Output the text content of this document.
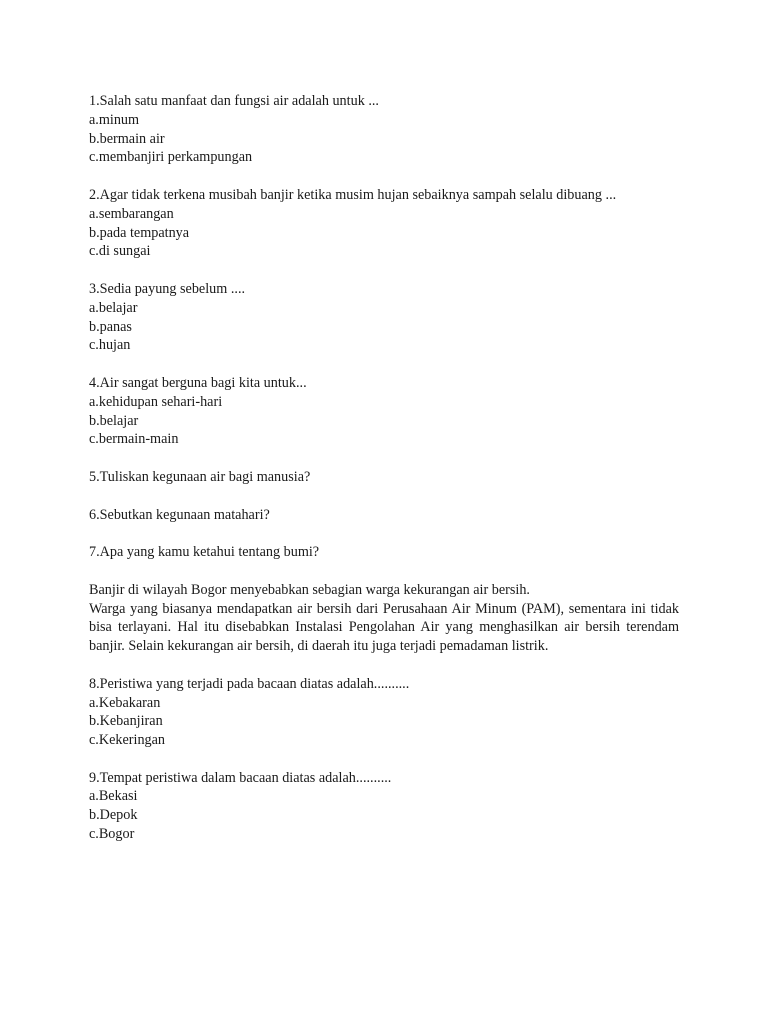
1.Salah satu manfaat dan fungsi air adalah untuk ...
a.minum
b.bermain air
c.membanjiri perkampungan
2.Agar tidak terkena musibah banjir ketika musim hujan sebaiknya sampah selalu dibuang ...
a.sembarangan
b.pada tempatnya
c.di sungai
3.Sedia payung sebelum ....
a.belajar
b.panas
c.hujan
4.Air sangat berguna bagi kita untuk...
a.kehidupan sehari-hari
b.belajar
c.bermain-main
5.Tuliskan kegunaan air bagi manusia?
6.Sebutkan kegunaan matahari?
7.Apa yang kamu ketahui tentang bumi?
Banjir di wilayah Bogor menyebabkan sebagian warga kekurangan air bersih.
Warga yang biasanya mendapatkan air bersih dari Perusahaan Air Minum (PAM), sementara ini tidak bisa terlayani. Hal itu disebabkan Instalasi Pengolahan Air yang menghasilkan air bersih terendam banjir. Selain kekurangan air bersih, di daerah itu juga terjadi pemadaman listrik.
8.Peristiwa yang terjadi pada bacaan diatas adalah..........
a.Kebakaran
b.Kebanjiran
c.Kekeringan
9.Tempat peristiwa dalam bacaan diatas adalah..........
a.Bekasi
b.Depok
c.Bogor
